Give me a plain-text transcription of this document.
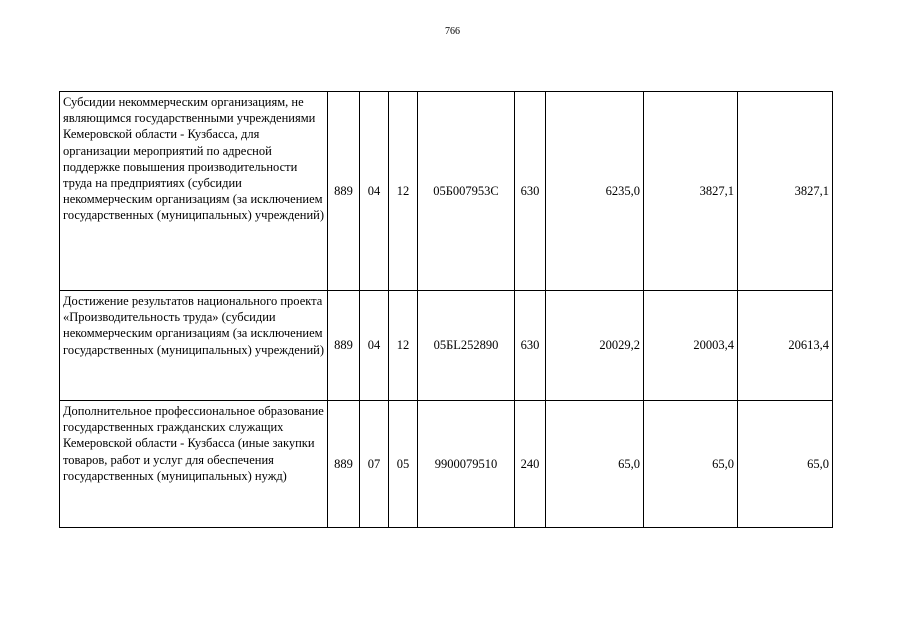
766
Субсидии некоммерческим организациям, не являющимся государственными учреждениями Кемеровской области - Кузбасса, для организации мероприятий по адресной поддержке повышения производительности труда на предприятиях (субсидии некоммерческим организациям (за исключением государственных (муниципальных) учреждений)	889	04	12	05Б007953С	630	6235,0	3827,1	3827,1
Достижение результатов национального проекта «Производительность труда» (субсидии некоммерческим организациям (за исключением государственных (муниципальных) учреждений)	889	04	12	05БL252890	630	20029,2	20003,4	20613,4
Дополнительное профессиональное образование государственных гражданских служащих Кемеровской области - Кузбасса (иные закупки товаров, работ и услуг для обеспечения государственных (муниципальных) нужд)	889	07	05	9900079510	240	65,0	65,0	65,0
